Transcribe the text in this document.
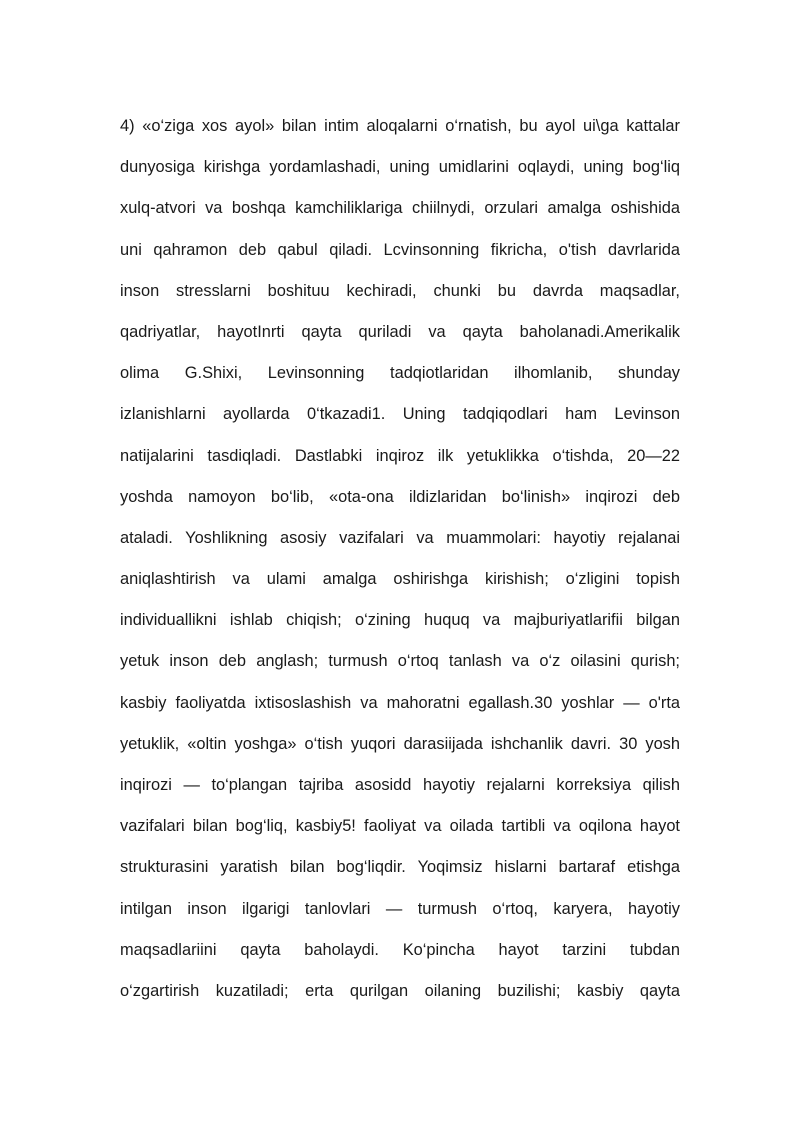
4) «o‘ziga xos ayol» bilan intim aloqalarni o‘rnatish, bu ayol ui\ga kattalar
dunyosiga kirishga yordamlashadi, uning umidlarini oqlaydi, uning bog‘liq
xulq-atvori va boshqa kamchiliklariga chiilnydi, orzulari amalga oshishida
uni qahramon deb qabul qiladi. Lcvinsonning fikricha, o'tish davrlarida
inson stresslarni boshituu kechiradi, chunki bu davrda maqsadlar,
qadriyatlar, hayotInrti qayta quriladi va qayta baholanadi.Amerikalik
olima G.Shixi, Levinsonning tadqiotlaridan ilhomlanib, shunday
izlanishlarni ayollarda 0‘tkazadi1. Uning tadqiqodlari ham Levinson
natijalarini tasdiqladi. Dastlabki inqiroz ilk yetuklikka o‘tishda, 20—22
yoshda namoyon bo‘lib, «ota-ona ildizlaridan bo‘linish» inqirozi deb
ataladi. Yoshlikning asosiy vazifalari va muammolari: hayotiy rejalanai
aniqlashtirish va ulami amalga oshirishga kirishish; o‘zligini topish
individuallikni ishlab chiqish; o‘zining huquq va majburiyatlarifii bilgan
yetuk inson deb anglash; turmush o‘rtoq tanlash va o‘z oilasini qurish;
kasbiy faoliyatda ixtisoslashish va mahoratni egallash.30 yoshlar — o'rta
yetuklik, «oltin yoshga» o‘tish yuqori darasiijada ishchanlik davri. 30 yosh
inqirozi — to‘plangan tajriba asosidd hayotiy rejalarni korreksiya qilish
vazifalari bilan bog‘liq, kasbiy5! faoliyat va oilada tartibli va oqilona hayot
strukturasini yaratish bilan bog‘liqdir. Yoqimsiz hislarni bartaraf etishga
intilgan inson ilgarigi tanlovlari — turmush o‘rtoq, karyera, hayotiy
maqsadlariini qayta baholaydi. Ko‘pincha hayot tarzini tubdan
o‘zgartirish kuzatiladi; erta qurilgan oilaning buzilishi; kasbiy qayta
